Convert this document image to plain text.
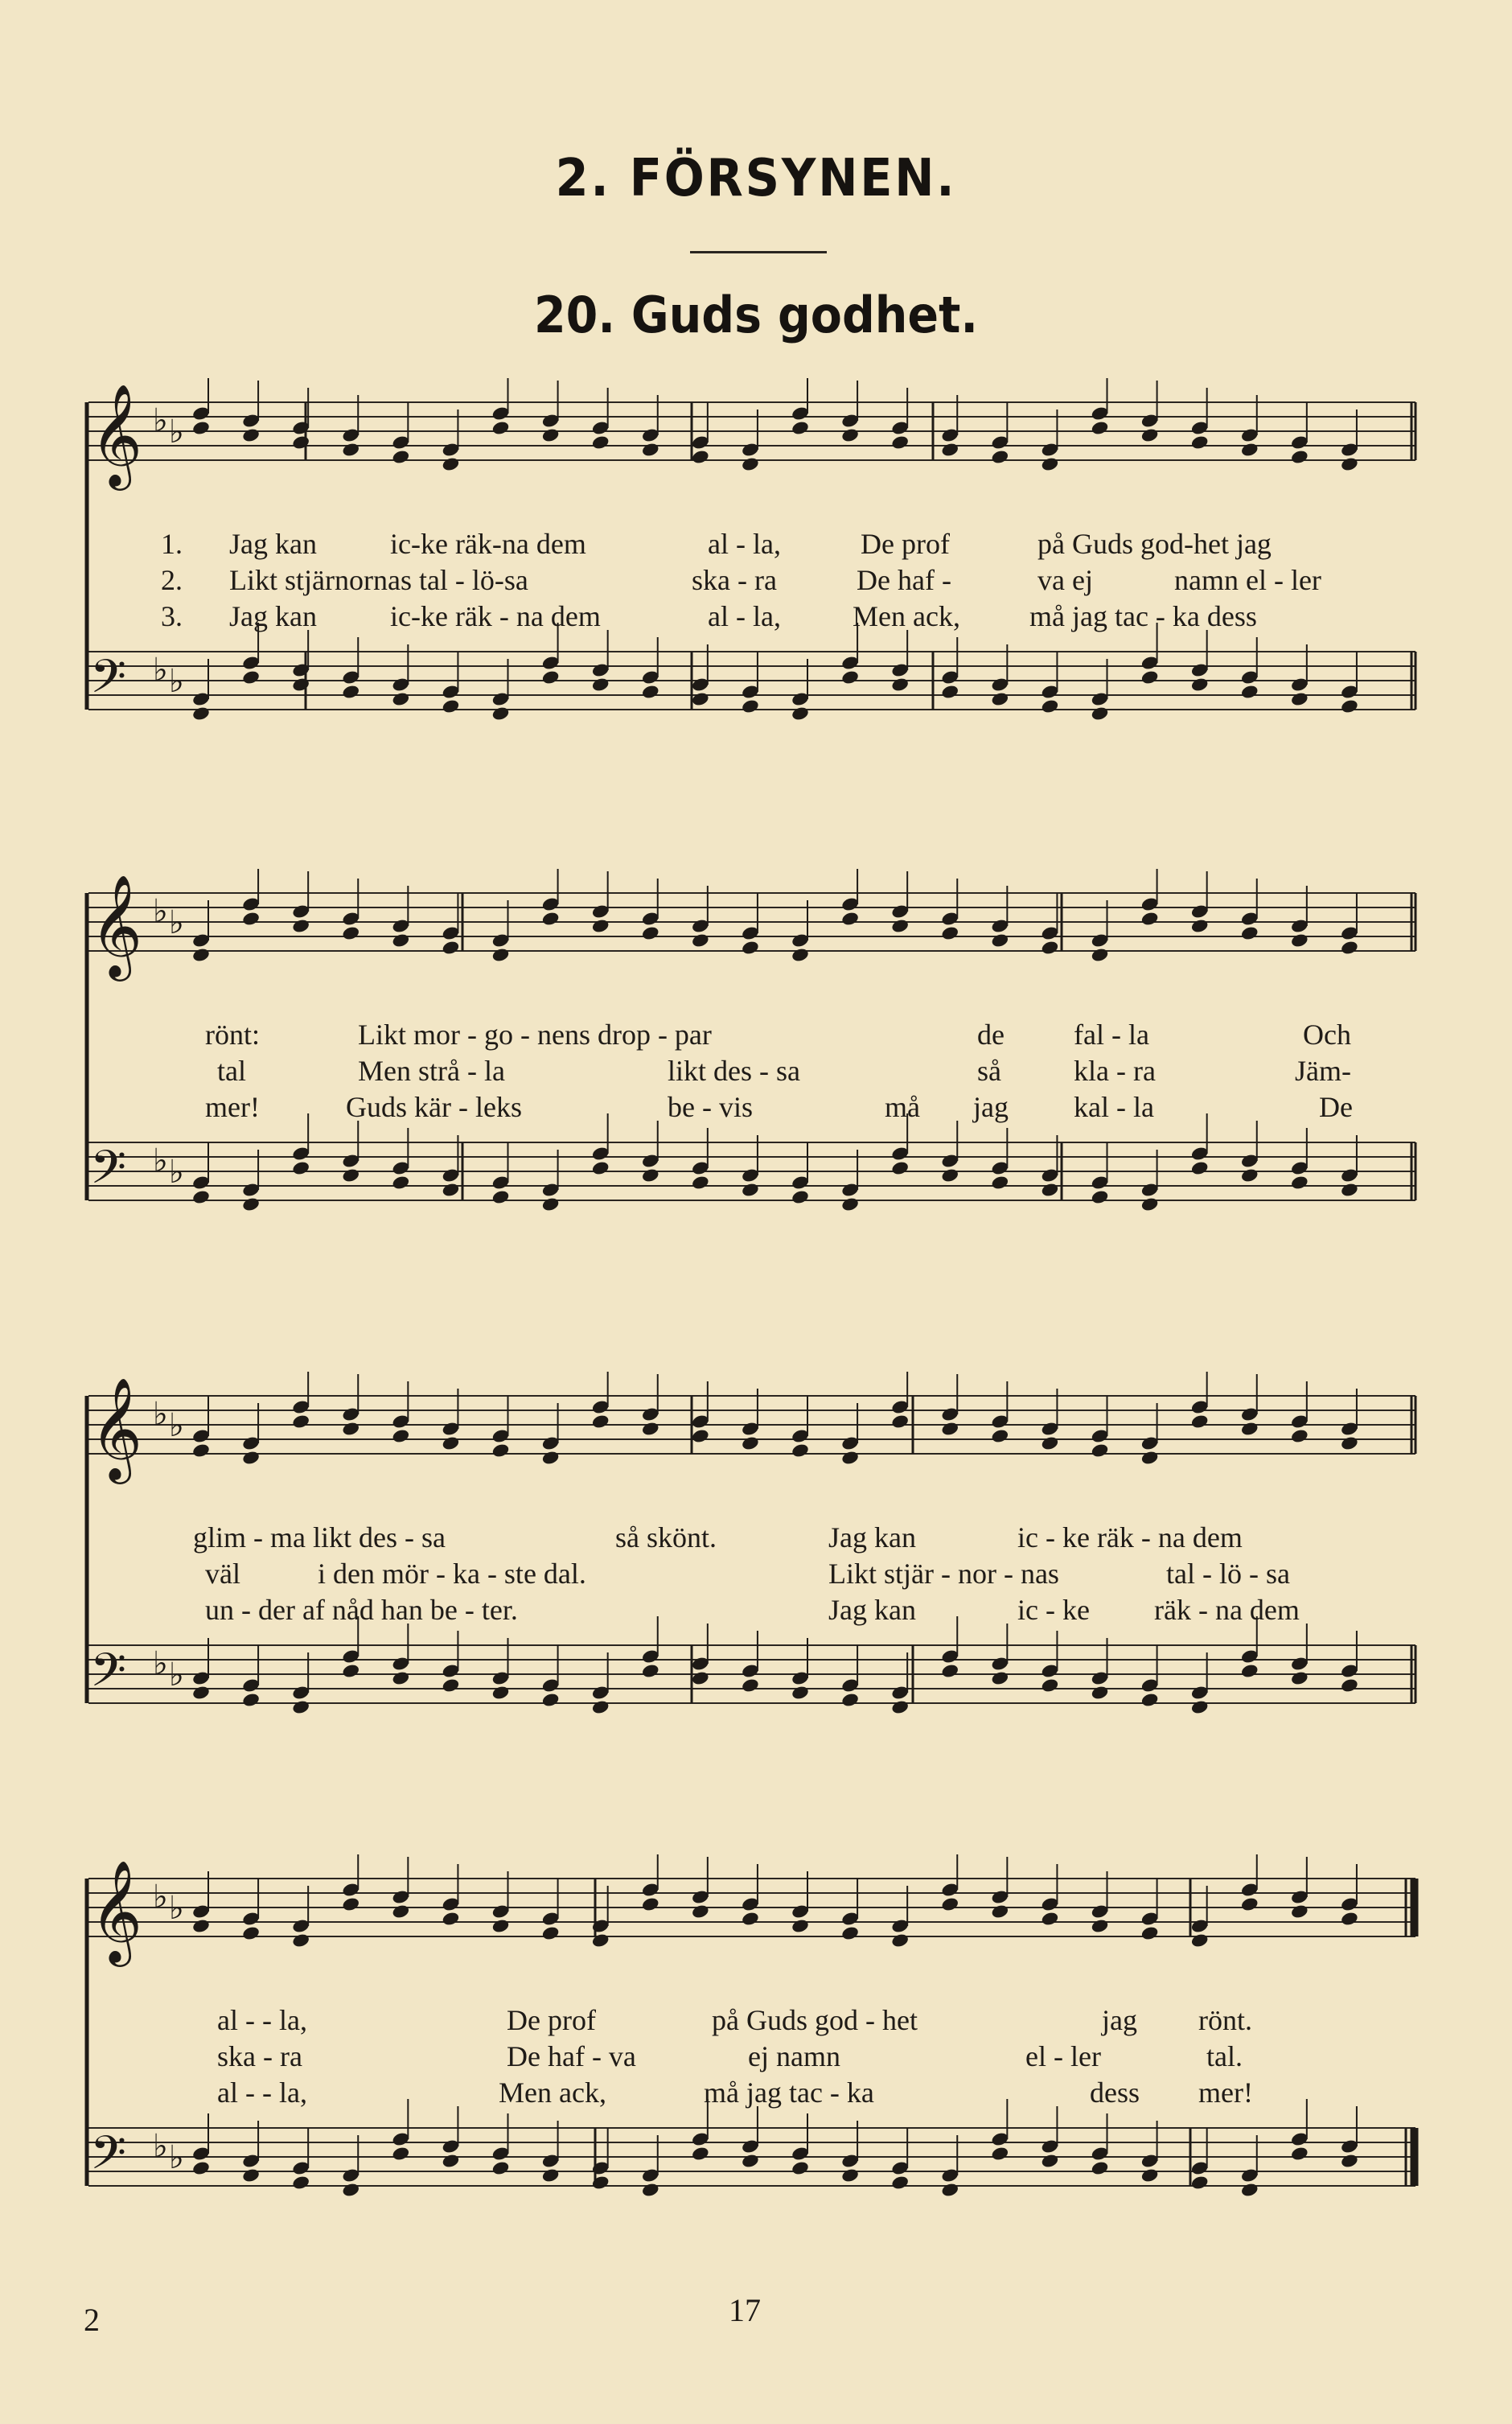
2. FÖRSYNEN.
20. Guds godhet.
𝄞 ♭ ♭
𝄢 ♭ ♭
1. Jag kan	ic-ke räk-na dem	al - la,	De prof	på Guds god-het jag
2. Likt stjärnornas tal - lö-sa	ska - ra	De haf -	va ej	namn el - ler
3. Jag kan	ic-ke räk - na dem	al - la, Men ack, må jag tac - ka dess
𝄞 ♭ ♭
𝄢 ♭ ♭
rönt:	Likt mor - go - nens drop - par	de fal - la	Och
tal	Men strå - la	likt des - sa	så	kla - ra	Jäm-
mer!	Guds kär - leks	be - vis	må jag kal - la	De
𝄞 ♭ ♭
𝄢 ♭ ♭
glim - ma likt des - sa	så skönt.	Jag kan	ic - ke räk - na dem
väl	i den mör - ka - ste dal.	Likt stjär - nor - nas	tal - lö - sa
un - der af nåd han be - ter.	Jag kan	ic - ke räk - na dem
𝄞 ♭ ♭
𝄢 ♭ ♭
al - - la,	De prof	på Guds god - het	jag rönt.
ska - ra	De haf - va	ej namn	el - ler	tal.
al - - la,	Men ack,	må jag tac - ka	dess mer!
2	17
